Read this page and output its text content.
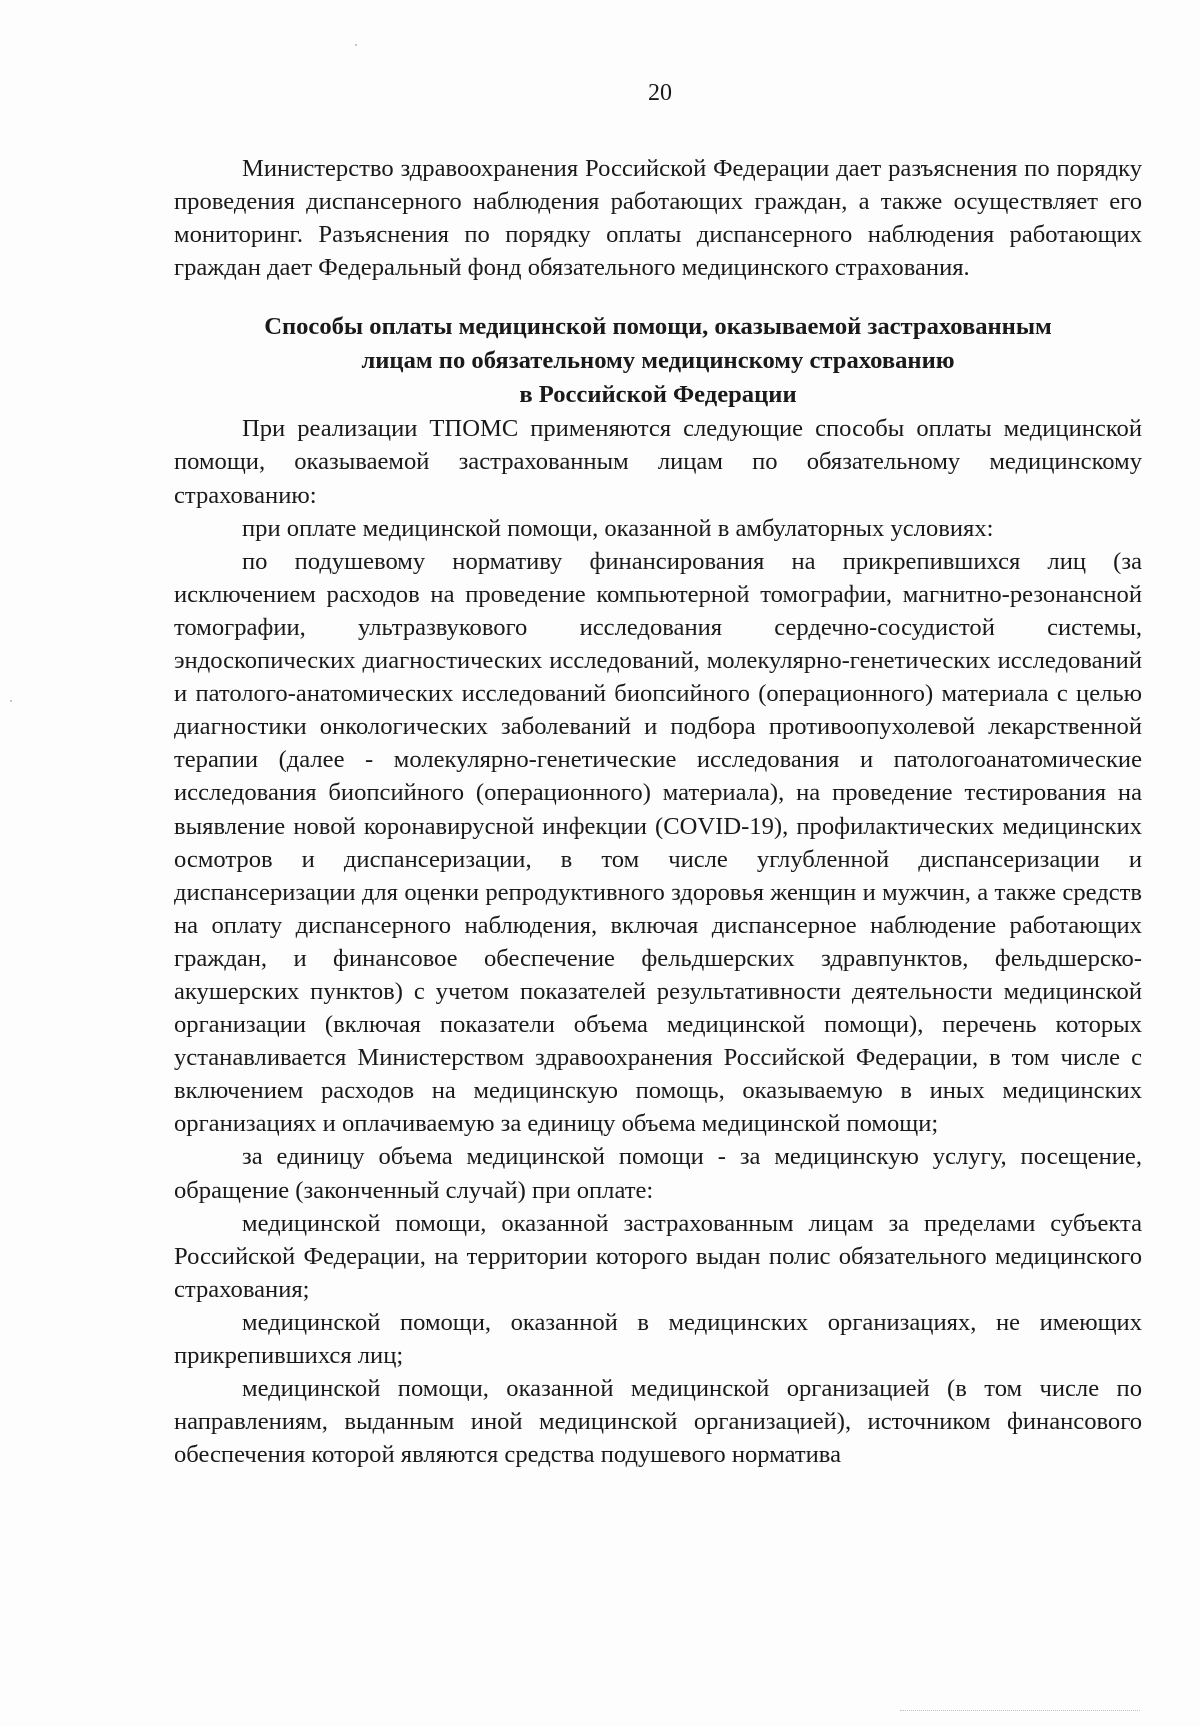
20

Министерство здравоохранения Российской Федерации дает разъяснения по порядку проведения диспансерного наблюдения работающих граждан, а также осуществляет его мониторинг. Разъяснения по порядку оплаты диспансерного наблюдения работающих граждан дает Федеральный фонд обязательного медицинского страхования.

Способы оплаты медицинской помощи, оказываемой застрахованным
лицам по обязательному медицинскому страхованию
в Российской Федерации

При реализации ТПОМС применяются следующие способы оплаты медицинской помощи, оказываемой застрахованным лицам по обязательному медицинскому страхованию:

при оплате медицинской помощи, оказанной в амбулаторных условиях:

по подушевому нормативу финансирования на прикрепившихся лиц (за исключением расходов на проведение компьютерной томографии, магнитно-резонансной томографии, ультразвукового исследования сердечно-сосудистой системы, эндоскопических диагностических исследований, молекулярно-генетических исследований и патолого-анатомических исследований биопсийного (операционного) материала с целью диагностики онкологических заболеваний и подбора противоопухолевой лекарственной терапии (далее - молекулярно-генетические исследования и патологоанатомические исследования биопсийного (операционного) материала), на проведение тестирования на выявление новой коронавирусной инфекции (COVID-19), профилактических медицинских осмотров и диспансеризации, в том числе углубленной диспансеризации и диспансеризации для оценки репродуктивного здоровья женщин и мужчин, а также средств на оплату диспансерного наблюдения, включая диспансерное наблюдение работающих граждан, и финансовое обеспечение фельдшерских здравпунктов, фельдшерско-акушерских пунктов) с учетом показателей результативности деятельности медицинской организации (включая показатели объема медицинской помощи), перечень которых устанавливается Министерством здравоохранения Российской Федерации, в том числе с включением расходов на медицинскую помощь, оказываемую в иных медицинских организациях и оплачиваемую за единицу объема медицинской помощи;

за единицу объема медицинской помощи - за медицинскую услугу, посещение, обращение (законченный случай) при оплате:

медицинской помощи, оказанной застрахованным лицам за пределами субъекта Российской Федерации, на территории которого выдан полис обязательного медицинского страхования;

медицинской помощи, оказанной в медицинских организациях, не имеющих прикрепившихся лиц;

медицинской помощи, оказанной медицинской организацией (в том числе по направлениям, выданным иной медицинской организацией), источником финансового обеспечения которой являются средства подушевого норматива
